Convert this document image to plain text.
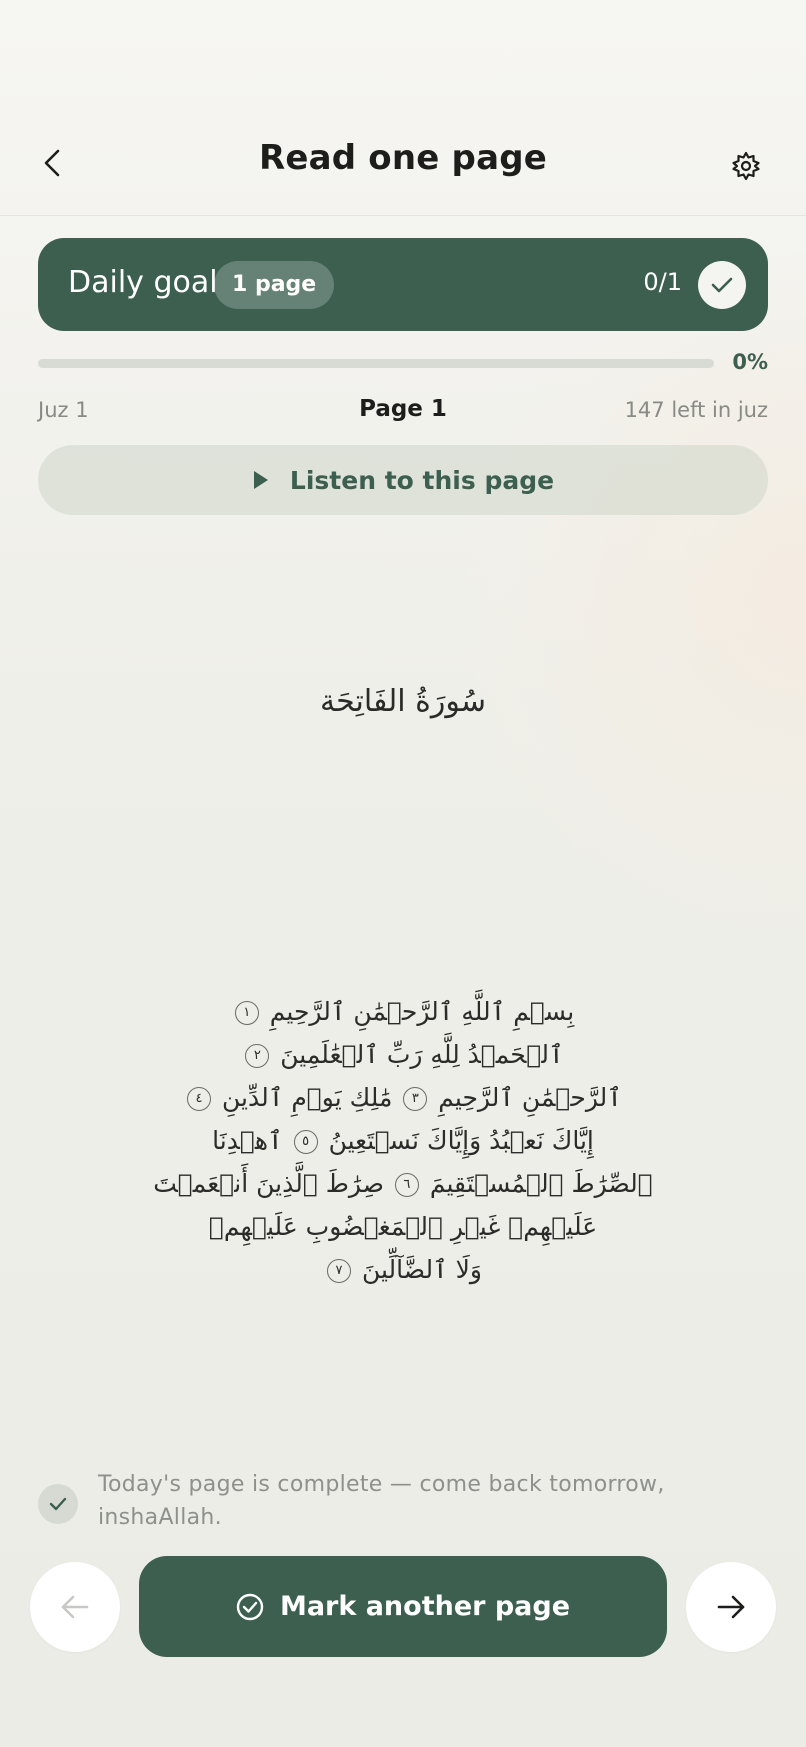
Read one page
Daily goal 1 page	0/1
0%
Juz 1	Page 1	147 left in juz
Listen to this page
سُورَةُ الفَاتِحَة
بِسۡمِ ٱللَّهِ ٱلرَّحۡمَٰنِ ٱلرَّحِيمِ ١
ٱلۡحَمۡدُ لِلَّهِ رَبِّ ٱلۡعَٰلَمِينَ ٢
ٱلرَّحۡمَٰنِ ٱلرَّحِيمِ ٣ مَٰلِكِ يَوۡمِ ٱلدِّينِ ٤
إِيَّاكَ نَعۡبُدُ وَإِيَّاكَ نَسۡتَعِينُ ٥ ٱهۡدِنَا
ٱلصِّرَٰطَ ٱلۡمُسۡتَقِيمَ ٦ صِرَٰطَ ٱلَّذِينَ أَنۡعَمۡتَ
عَلَيۡهِمۡ غَيۡرِ ٱلۡمَغۡضُوبِ عَلَيۡهِمۡ
وَلَا ٱلضَّآلِّينَ ٧
Today's page is complete — come back tomorrow, inshaAllah.
Mark another page
